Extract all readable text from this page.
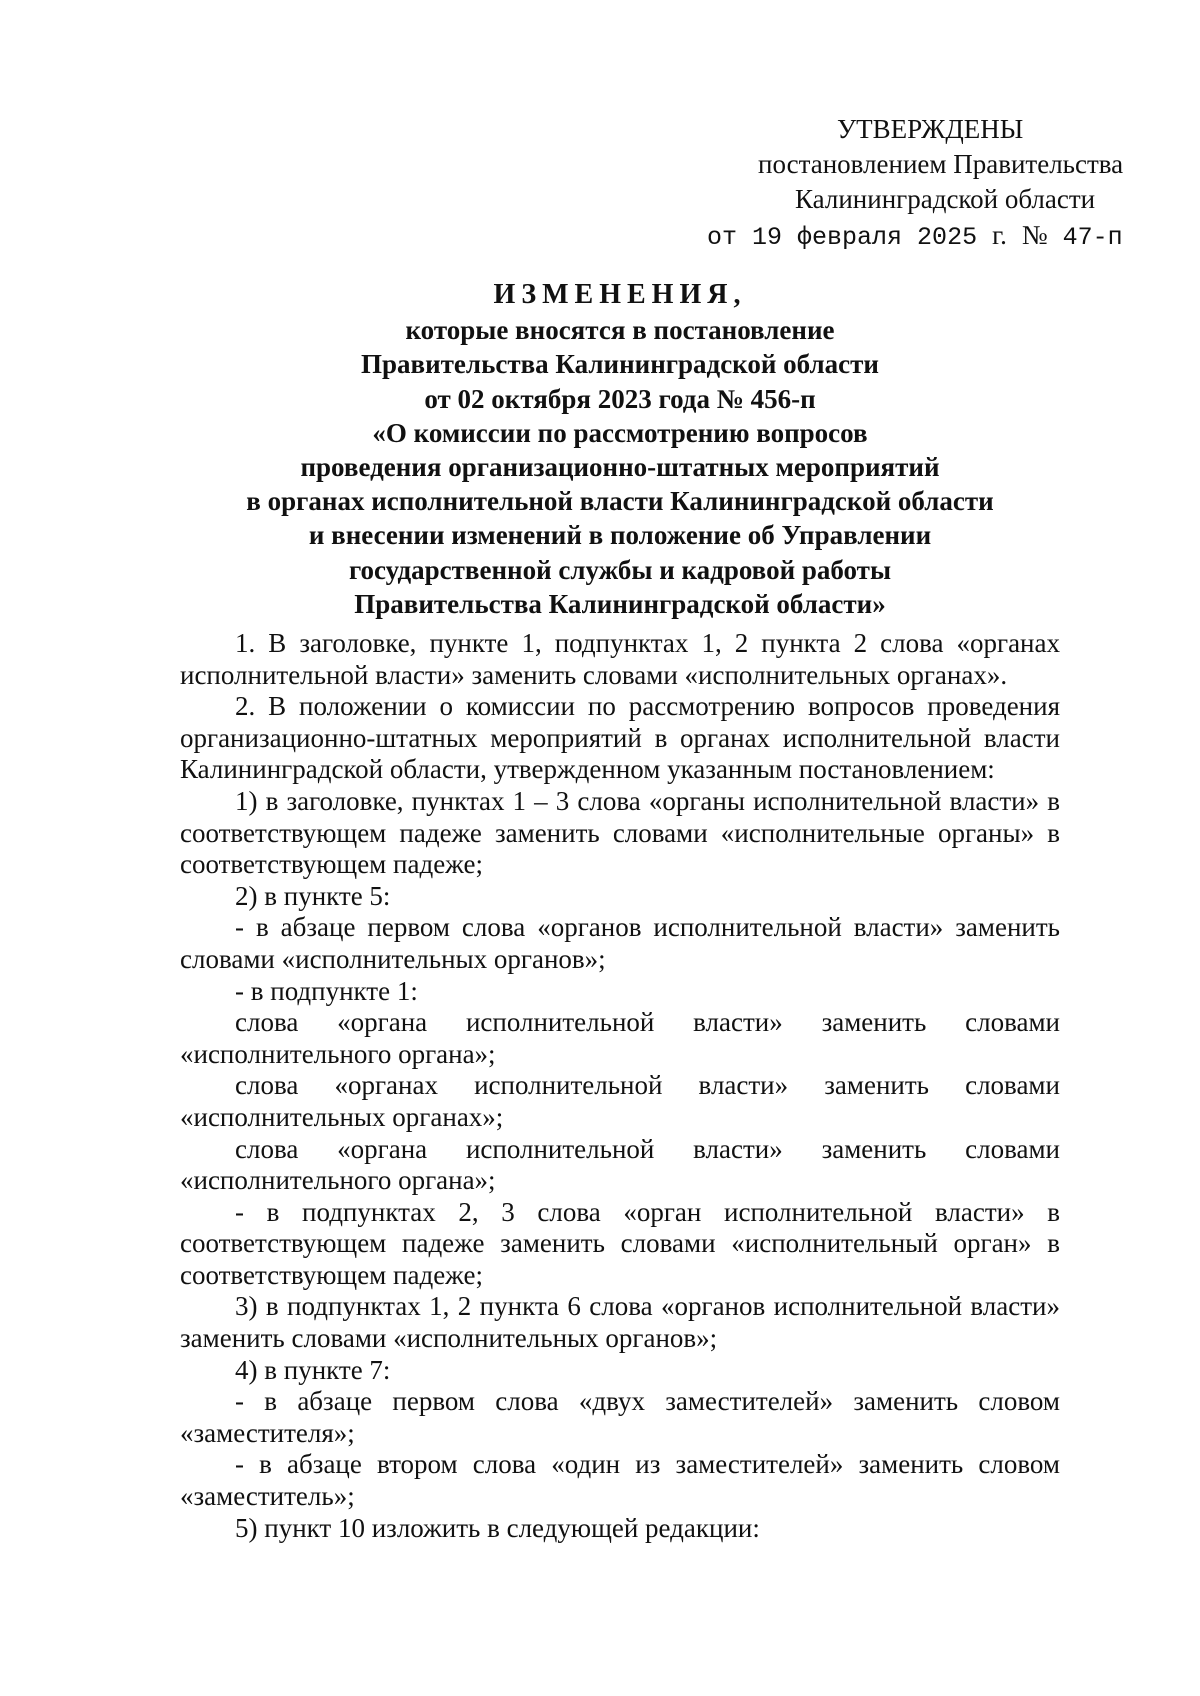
УТВЕРЖДЕНЫ
постановлением Правительства
Калининградской области
от 19 февраля 2025 г. № 47-п
ИЗМЕНЕНИЯ,
которые вносятся в постановление
Правительства Калининградской области
от 02 октября 2023 года № 456-п
«О комиссии по рассмотрению вопросов
проведения организационно-штатных мероприятий
в органах исполнительной власти Калининградской области
и внесении изменений в положение об Управлении
государственной службы и кадровой работы
Правительства Калининградской области»

1. В заголовке, пункте 1, подпунктах 1, 2 пункта 2 слова «органах исполнительной власти» заменить словами «исполнительных органах».

2. В положении о комиссии по рассмотрению вопросов проведения организационно-штатных мероприятий в органах исполнительной власти Калининградской области, утвержденном указанным постановлением:

1) в заголовке, пунктах 1 – 3 слова «органы исполнительной власти» в соответствующем падеже заменить словами «исполнительные органы» в соответствующем падеже;

2) в пункте 5:

- в абзаце первом слова «органов исполнительной власти» заменить словами «исполнительных органов»;

- в подпункте 1:

слова «органа исполнительной власти» заменить словами
«исполнительного органа»;
слова «органах исполнительной власти» заменить словами
«исполнительных органах»;
слова «органа исполнительной власти» заменить словами
«исполнительного органа»;

- в подпунктах 2, 3 слова «орган исполнительной власти» в соответствующем падеже заменить словами «исполнительный орган» в соответствующем падеже;

3) в подпунктах 1, 2 пункта 6 слова «органов исполнительной власти» заменить словами «исполнительных органов»;

4) в пункте 7:

- в абзаце первом слова «двух заместителей» заменить словом «заместителя»;

- в абзаце втором слова «один из заместителей» заменить словом «заместитель»;

5) пункт 10 изложить в следующей редакции:
